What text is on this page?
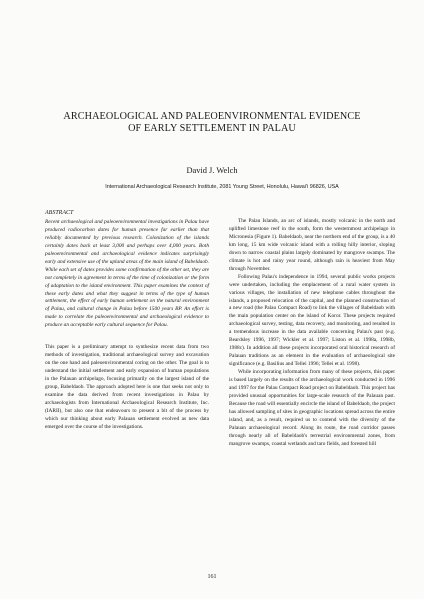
ARCHAEOLOGICAL AND PALEOENVIRONMENTAL EVIDENCE
OF EARLY SETTLEMENT IN PALAU

David J. Welch

International Archaeological Research Institute, 2081 Young Street, Honolulu, Hawai'i 96826, USA

ABSTRACT

Recent archaeological and paleoenvironmental investigations in Palau have produced radiocarbon dates for human presence far earlier than that reliably documented by previous research. Colonization of the islands certainly dates back at least 3,000 and perhaps over 4,000 years. Both paleoenvironmental and archaeological evidence indicates surprisingly early and extensive use of the upland areas of the main island of Babeldaob. While each set of dates provides some confirmation of the other set, they are not completely in agreement in terms of the time of colonization or the form of adaptation to the island environment. This paper examines the context of these early dates and what they suggest in terms of the type of human settlement, the effect of early human settlement on the natural environment of Palau, and cultural change in Palau before 1500 years BP. An effort is made to correlate the paleoenvironmental and archaeological evidence to produce an acceptable early cultural sequence for Palau.

This paper is a preliminary attempt to synthesize recent data from two methods of investigation, traditional archaeological survey and excavation on the one hand and paleoenvironmental coring on the other. The goal is to understand the initial settlement and early expansion of human populations in the Palauan archipelago, focusing primarily on the largest island of the group, Babeldaob. The approach adopted here is one that seeks not only to examine the data derived from recent investigations in Palau by archaeologists from International Archaeological Research Institute, Inc. (IARII), but also one that endeavours to present a bit of the process by which our thinking about early Palauan settlement evolved as new data emerged over the course of the investigations.

The Palau Islands, an arc of islands, mostly volcanic in the north and uplifted limestone reef in the south, form the westernmost archipelago in Micronesia (Figure 1). Babeldaob, near the northern end of the group, is a 40 km long, 15 km wide volcanic island with a rolling hilly interior, sloping down to narrow coastal plains largely dominated by mangrove swamps. The climate is hot and rainy year round, although rain is heaviest from May through November.

Following Palau's independence in 1994, several public works projects were undertaken, including the emplacement of a rural water system in various villages, the installation of new telephone cables throughout the islands, a proposed relocation of the capital, and the planned construction of a new road (the Palau Compact Road) to link the villages of Babeldaob with the main population center on the island of Koror. These projects required archaeological survey, testing, data recovery, and monitoring, and resulted in a tremendous increase in the data available concerning Palau's past (e.g. Beardsley 1996, 1997; Wickler et al. 1997; Liston et al. 1998a, 1998b, 1988c). In addition all these projects incorporated oral historical research of Palauan traditions as an element in the evaluation of archaeological site significance (e.g. Basilius and Tellei 1996; Tellei et al. 1998).

While incorporating information from many of these projects, this paper is based largely on the results of the archaeological work conducted in 1996 and 1997 for the Palau Compact Road project on Babeldaob. This project has provided unusual opportunities for large-scale research of the Palauan past. Because the road will essentially encircle the island of Babeldaob, the project has allowed sampling of sites in geographic locations spread across the entire island, and, as a result, required us to contend with the diversity of the Palauan archaeological record. Along its route, the road corridor passes through nearly all of Babeldaob's terrestrial environmental zones, from mangrove swamps, coastal wetlands and taro fields, and forested hill

161
